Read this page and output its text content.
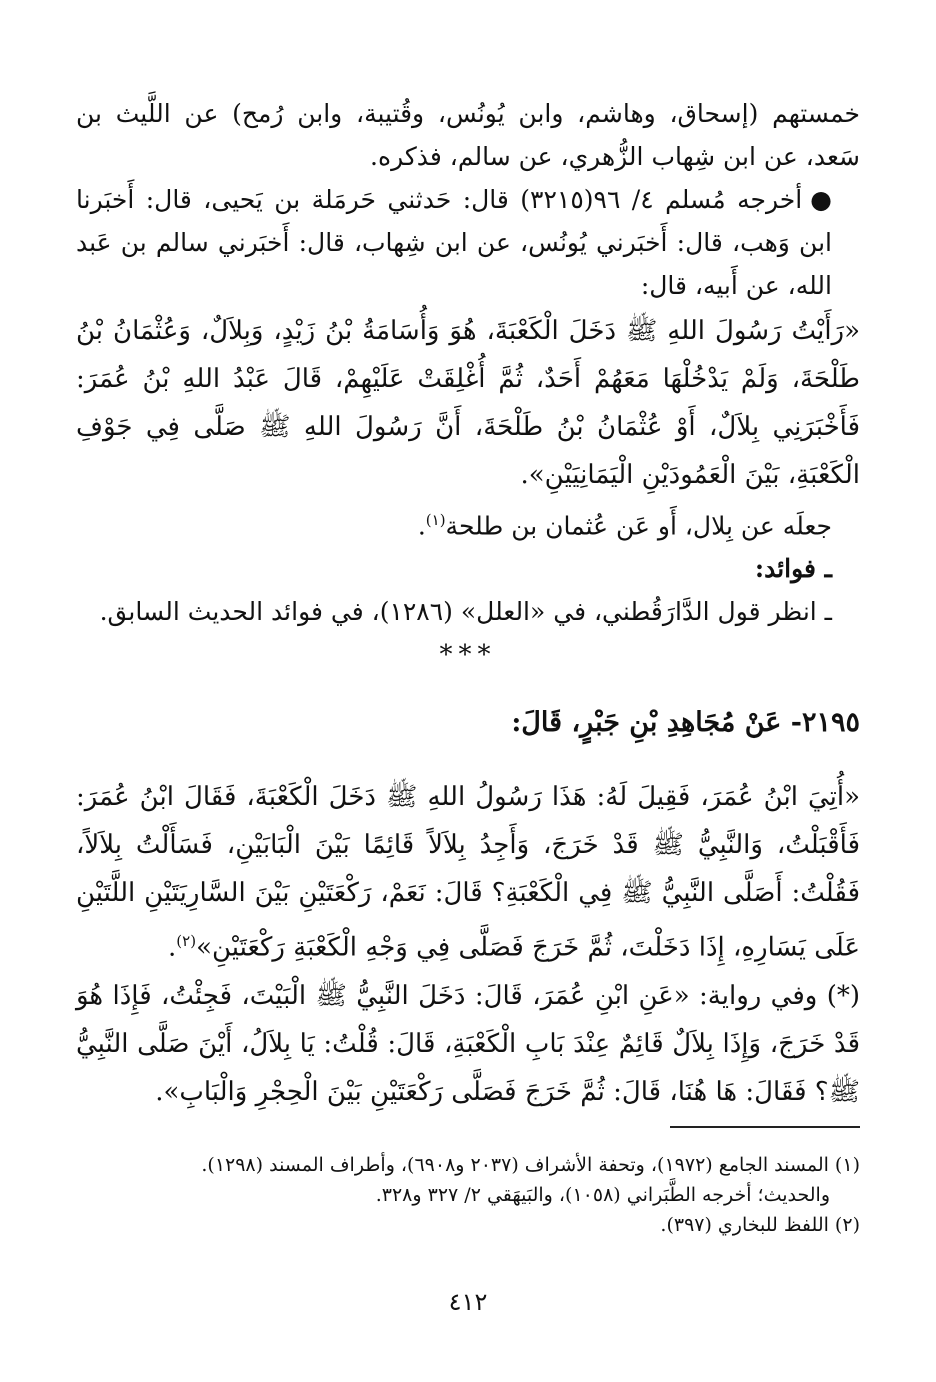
خمستهم (إسحاق، وهاشم، وابن يُونُس، وقُتيبة، وابن رُمح) عن اللَّيث بن سَعد، عن ابن شِهاب الزُّهري، عن سالم، فذكره.

●أخرجه مُسلم ٤/ ٩٦(٣٢١٥) قال: حَدثني حَرمَلة بن يَحيى، قال: أَخبَرنا ابن وَهب، قال: أَخبَرني يُونُس، عن ابن شِهاب، قال: أَخبَرني سالم بن عَبد الله، عن أَبيه، قال:

«رَأَيْتُ رَسُولَ اللهِ ﷺ دَخَلَ الْكَعْبَةَ، هُوَ وَأُسَامَةُ بْنُ زَيْدٍ، وَبِلاَلٌ، وَعُثْمَانُ بْنُ طَلْحَةَ، وَلَمْ يَدْخُلْهَا مَعَهُمْ أَحَدٌ، ثُمَّ أُغْلِقَتْ عَلَيْهِمْ، قَالَ عَبْدُ اللهِ بْنُ عُمَرَ: فَأَخْبَرَنِي بِلاَلٌ، أَوْ عُثْمَانُ بْنُ طَلْحَةَ، أَنَّ رَسُولَ اللهِ ﷺ صَلَّى فِي جَوْفِ الْكَعْبَةِ، بَيْنَ الْعَمُودَيْنِ الْيَمَانِيَيْنِ».

جعلَه عن بِلال، أَو عَن عُثمان بن طلحة$^{(١)}$.

ـ فوائد:

ـ انظر قول الدَّارَقُطني، في «العلل» (١٢٨٦)، في فوائد الحديث السابق.

***

٢١٩٥- عَنْ مُجَاهِدِ بْنِ جَبْرٍ، قَالَ:

«أُتِيَ ابْنُ عُمَرَ، فَقِيلَ لَهُ: هَذَا رَسُولُ اللهِ ﷺ دَخَلَ الْكَعْبَةَ، فَقَالَ ابْنُ عُمَرَ: فَأَقْبَلْتُ، وَالنَّبِيُّ ﷺ قَدْ خَرَجَ، وَأَجِدُ بِلاَلاً قَائِمًا بَيْنَ الْبَابَيْنِ، فَسَأَلْتُ بِلاَلاً، فَقُلْتُ: أَصَلَّى النَّبِيُّ ﷺ فِي الْكَعْبَةِ؟ قَالَ: نَعَمْ، رَكْعَتَيْنِ بَيْنَ السَّارِيَتَيْنِ اللَّتَيْنِ عَلَى يَسَارِهِ، إِذَا دَخَلْتَ، ثُمَّ خَرَجَ فَصَلَّى فِي وَجْهِ الْكَعْبَةِ رَكْعَتَيْنِ»$^{(٢)}$.

(*) وفي رواية: «عَنِ ابْنِ عُمَرَ، قَالَ: دَخَلَ النَّبِيُّ ﷺ الْبَيْتَ، فَجِئْتُ، فَإِذَا هُوَ قَدْ خَرَجَ، وَإِذَا بِلاَلٌ قَائِمٌ عِنْدَ بَابِ الْكَعْبَةِ، قَالَ: قُلْتُ: يَا بِلاَلُ، أَيْنَ صَلَّى النَّبِيُّ ﷺ؟ فَقَالَ: هَا هُنَا، قَالَ: ثُمَّ خَرَجَ فَصَلَّى رَكْعَتَيْنِ بَيْنَ الْحِجْرِ وَالْبَابِ».

(١) المسند الجامع (١٩٧٢)، وتحفة الأشراف (٢٠٣٧ و٦٩٠٨)، وأطراف المسند (١٢٩٨).

والحديث؛ أخرجه الطَّبَراني (١٠٥٨)، والبَيهَقي ٢/ ٣٢٧ و٣٢٨.

(٢) اللفظ للبخاري (٣٩٧).

٤١٢
